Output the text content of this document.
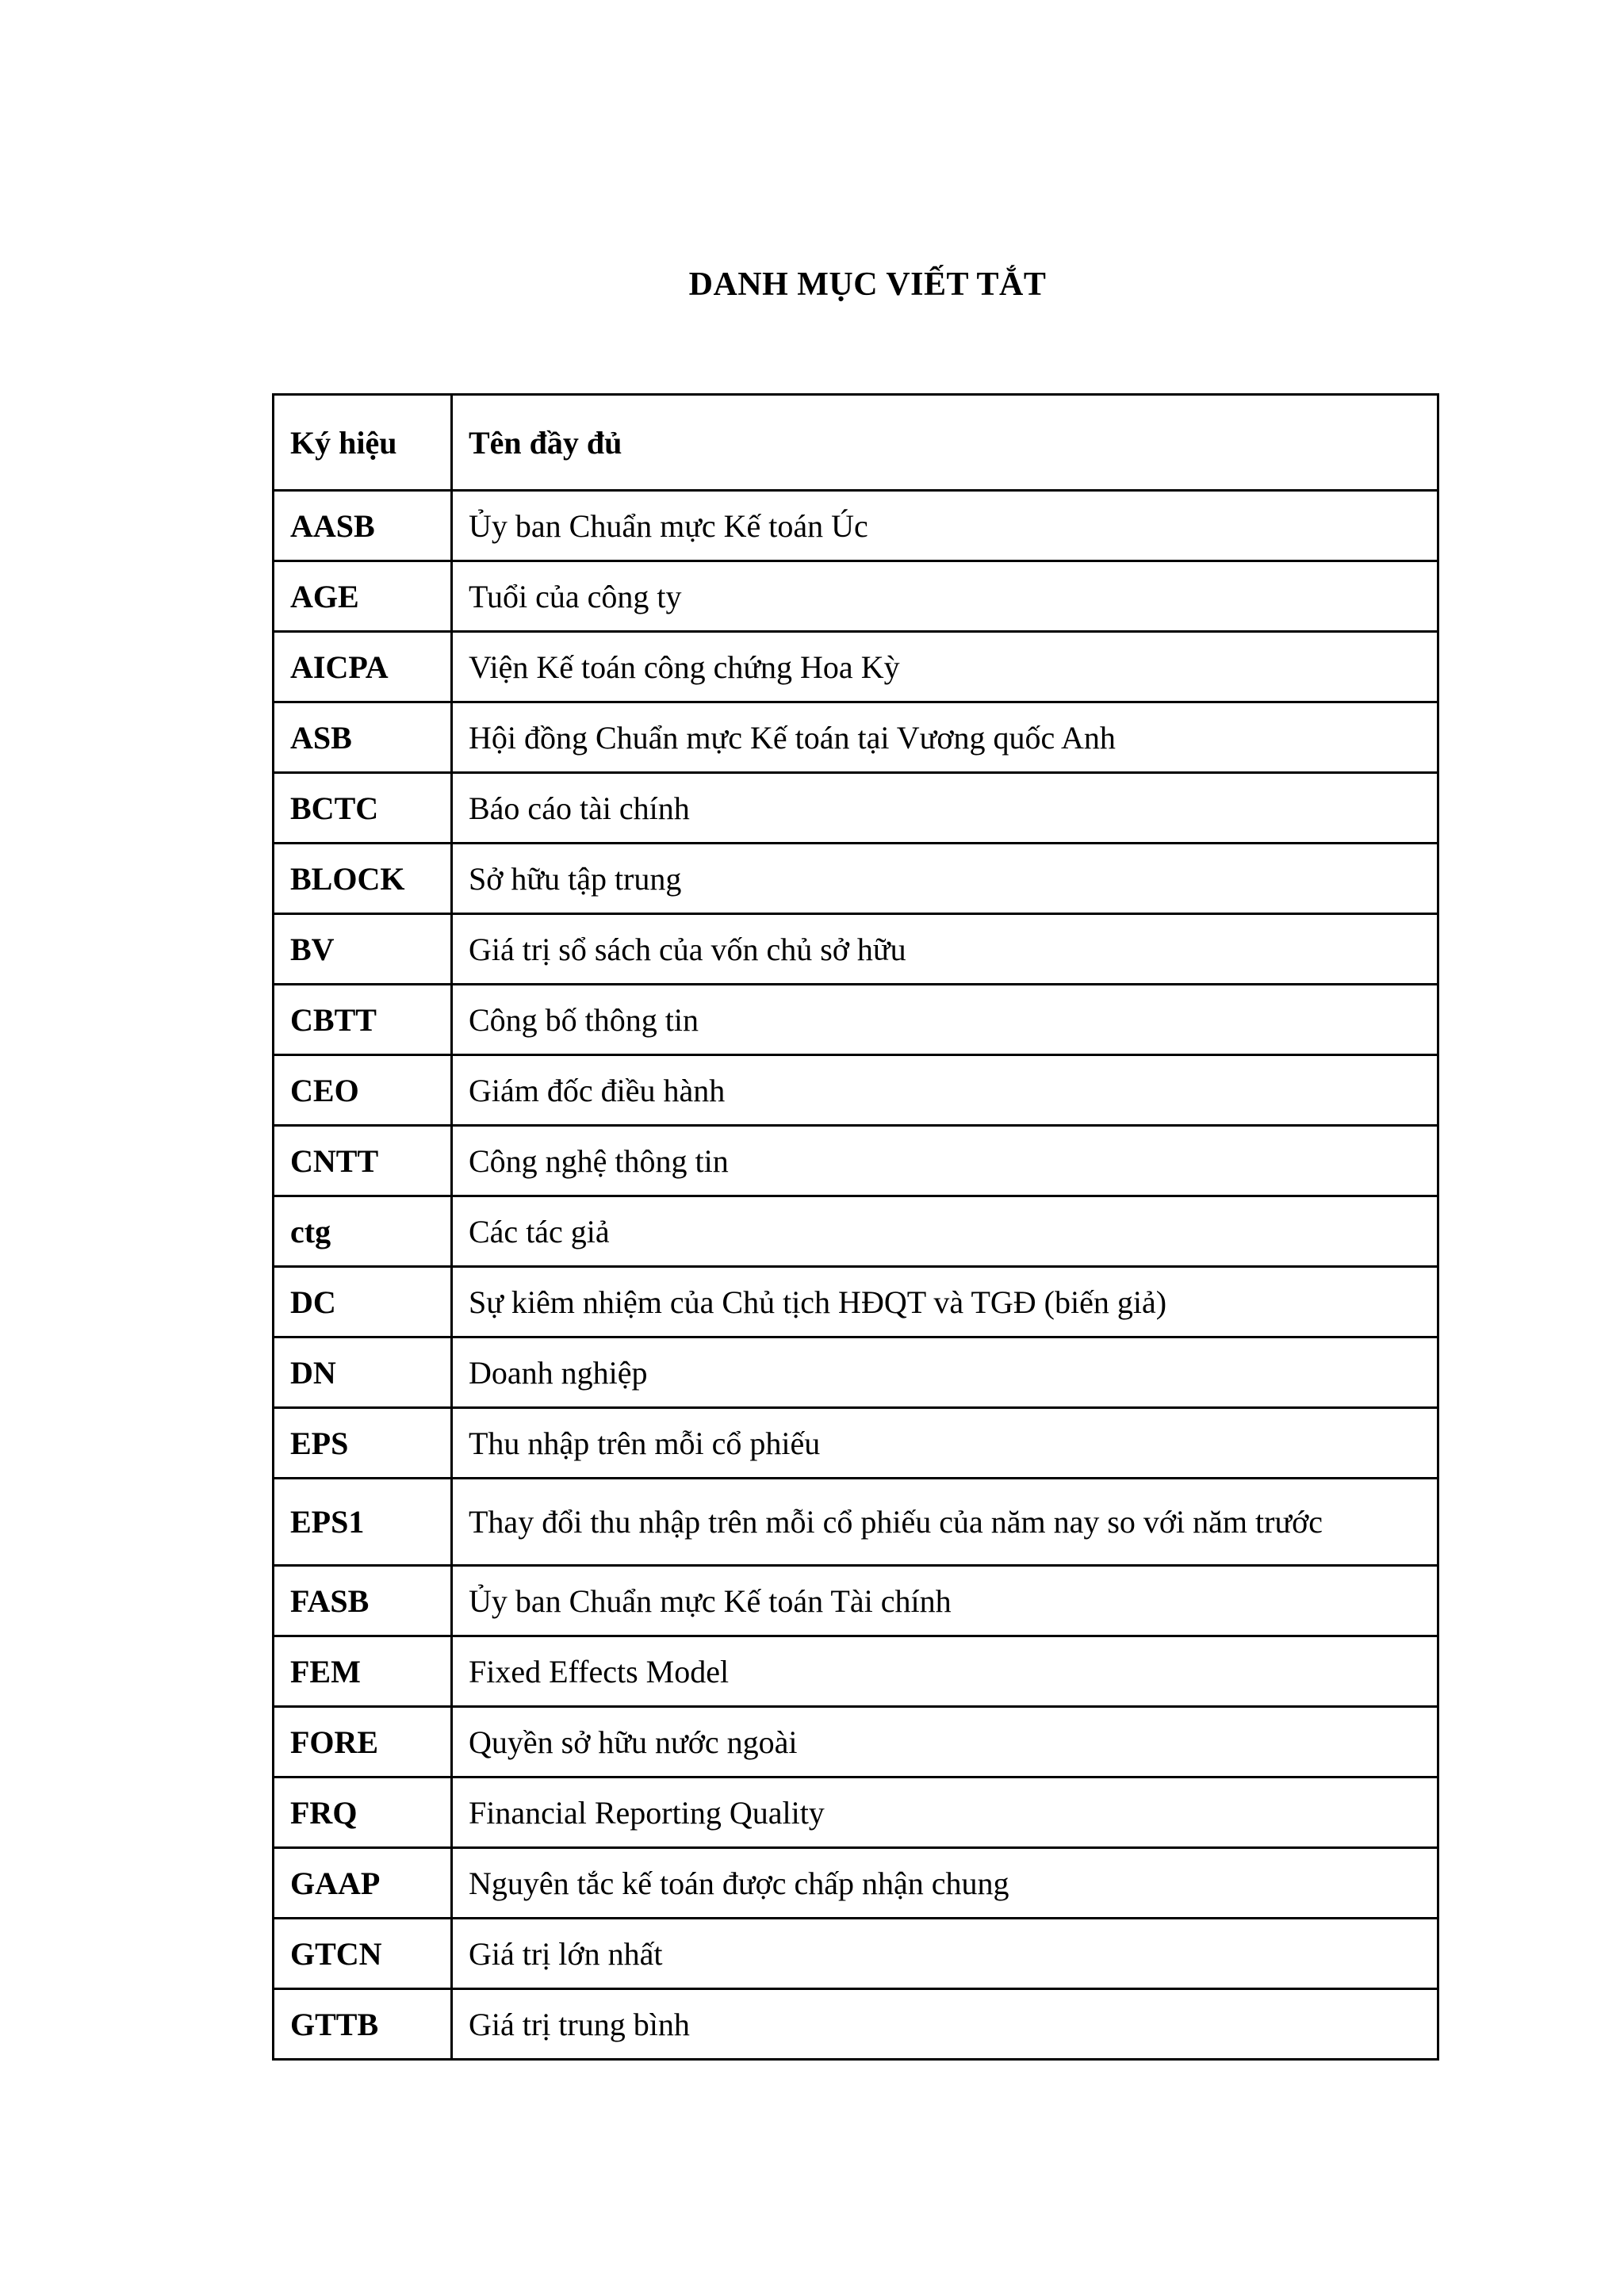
DANH MỤC VIẾT TẮT
Ký hiệu	Tên đầy đủ
AASB	Ủy ban Chuẩn mực Kế toán Úc
AGE	Tuổi của công ty
AICPA	Viện Kế toán công chứng Hoa Kỳ
ASB	Hội đồng Chuẩn mực Kế toán tại Vương quốc Anh
BCTC	Báo cáo tài chính
BLOCK	Sở hữu tập trung
BV	Giá trị sổ sách của vốn chủ sở hữu
CBTT	Công bố thông tin
CEO	Giám đốc điều hành
CNTT	Công nghệ thông tin
ctg	Các tác giả
DC	Sự kiêm nhiệm của Chủ tịch HĐQT và TGĐ (biến giả)
DN	Doanh nghiệp
EPS	Thu nhập trên mỗi cổ phiếu
EPS1	Thay đổi thu nhập trên mỗi cổ phiếu của năm nay so với năm trước
FASB	Ủy ban Chuẩn mực Kế toán Tài chính
FEM	Fixed Effects Model
FORE	Quyền sở hữu nước ngoài
FRQ	Financial Reporting Quality
GAAP	Nguyên tắc kế toán được chấp nhận chung
GTCN	Giá trị lớn nhất
GTTB	Giá trị trung bình
